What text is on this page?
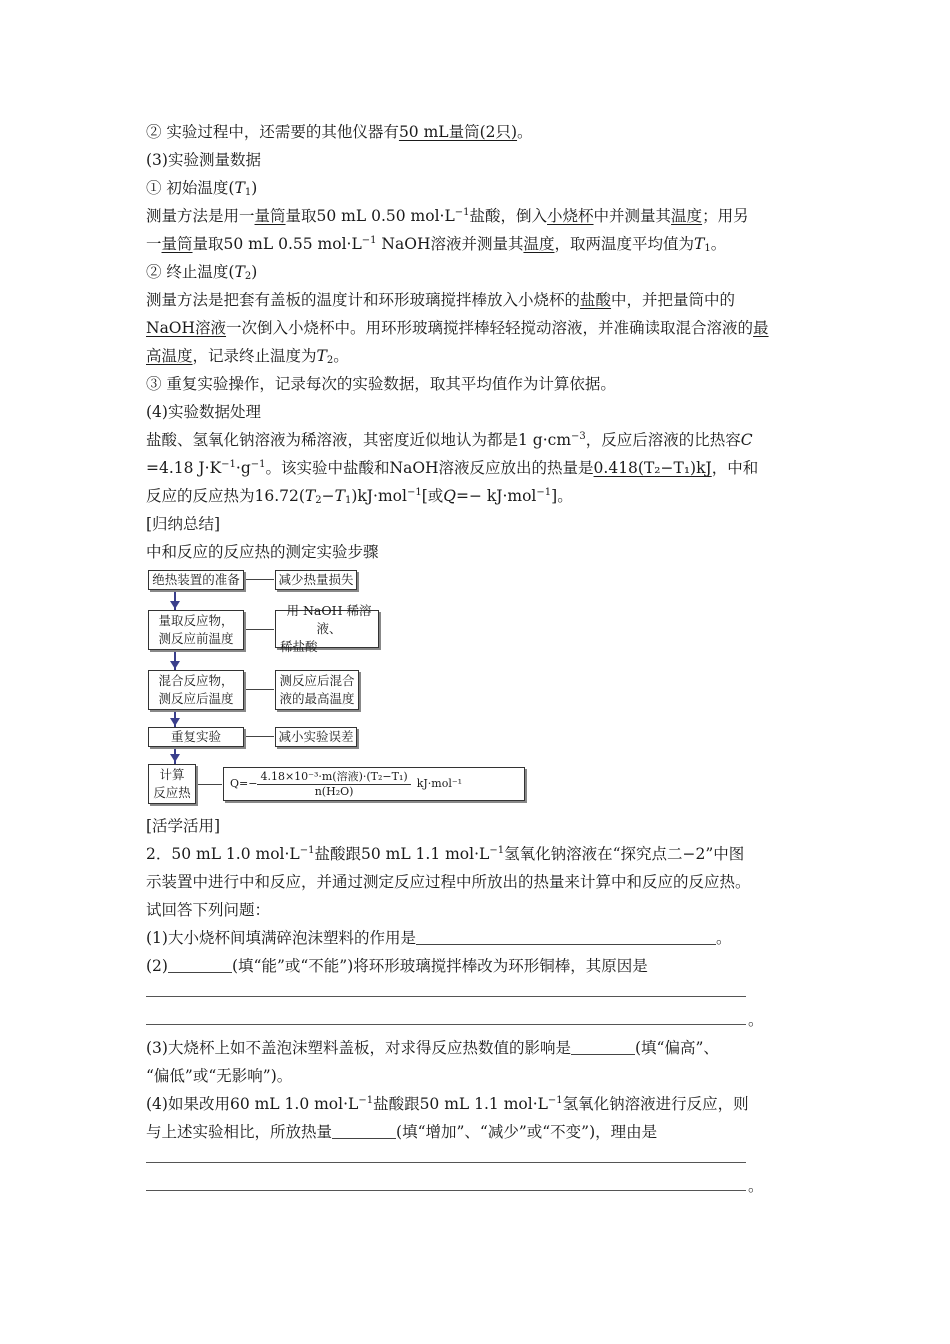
② 实验过程中，还需要的其他仪器有50 mL量筒(2只)。
(3)实验测量数据
① 初始温度$(T_1)$
测量方法是用一量筒量取50 mL 0.50 $mol\cdot L^{-1}$盐酸，倒入小烧杯中并测量其温度；用另
一量筒量取50 mL 0.55 $mol\cdot L^{-1}$ NaOH溶液并测量其温度，取两温度平均值为$T_1$。
② 终止温度$(T_2)$
测量方法是把套有盖板的温度计和环形玻璃搅拌棒放入小烧杯的盐酸中，并把量筒中的
NaOH溶液一次倒入小烧杯中。用环形玻璃搅拌棒轻轻搅动溶液，并准确读取混合溶液的最
高温度，记录终止温度为$T_2$。
③ 重复实验操作，记录每次的实验数据，取其平均值作为计算依据。
(4)实验数据处理
盐酸、氢氧化钠溶液为稀溶液，其密度近似地认为都是1 $g\cdot cm^{-3}$，反应后溶液的比热容C
=4.18 $J\cdot K^{-1}\cdot g^{-1}$。该实验中盐酸和NaOH溶液反应放出的热量是0.418(T₂−T₁)kJ，中和
反应的反应热为$16.72(T_2-T_1)kJ\cdot mol^{-1}$[或Q=− kJ·mol$^{-1}$]。
[归纳总结]
中和反应的反应热的测定实验步骤
绝热装置的准备	减少热量损失
量取反应物，
测反应前温度
用 NaOH 稀溶液、
稀盐酸
混合反应物，
测反应后温度
测反应后混合
液的最高温度
重复实验	减小实验误差
计算
反应热
$Q=- \frac{\text{4.18×10⁻³·m(溶液)·(T₂−T₁)}}{\text{n(H₂O)}} kJ\cdot mol^{-1}$
[活学活用]
2．50 mL 1.0 $mol\cdot L^{-1}$盐酸跟50 mL 1.1 $mol\cdot L^{-1}$氢氧化钠溶液在“探究点二−2”中图
示装置中进行中和反应，并通过测定反应过程中所放出的热量来计算中和反应的反应热。
试回答下列问题：
(1)大小烧杯间填满碎泡沫塑料的作用是	。
(2)	(填“能”或“不能”)将环形玻璃搅拌棒改为环形铜棒，其原因是
。
(3)大烧杯上如不盖泡沫塑料盖板，对求得反应热数值的影响是	(填“偏高”、
“偏低”或“无影响”)。
(4)如果改用60 mL 1.0 $mol\cdot L^{-1}$盐酸跟50 mL 1.1 $mol\cdot L^{-1}$氢氧化钠溶液进行反应，则
与上述实验相比，所放热量	(填“增加”、“减少”或“不变”)，理由是
。
